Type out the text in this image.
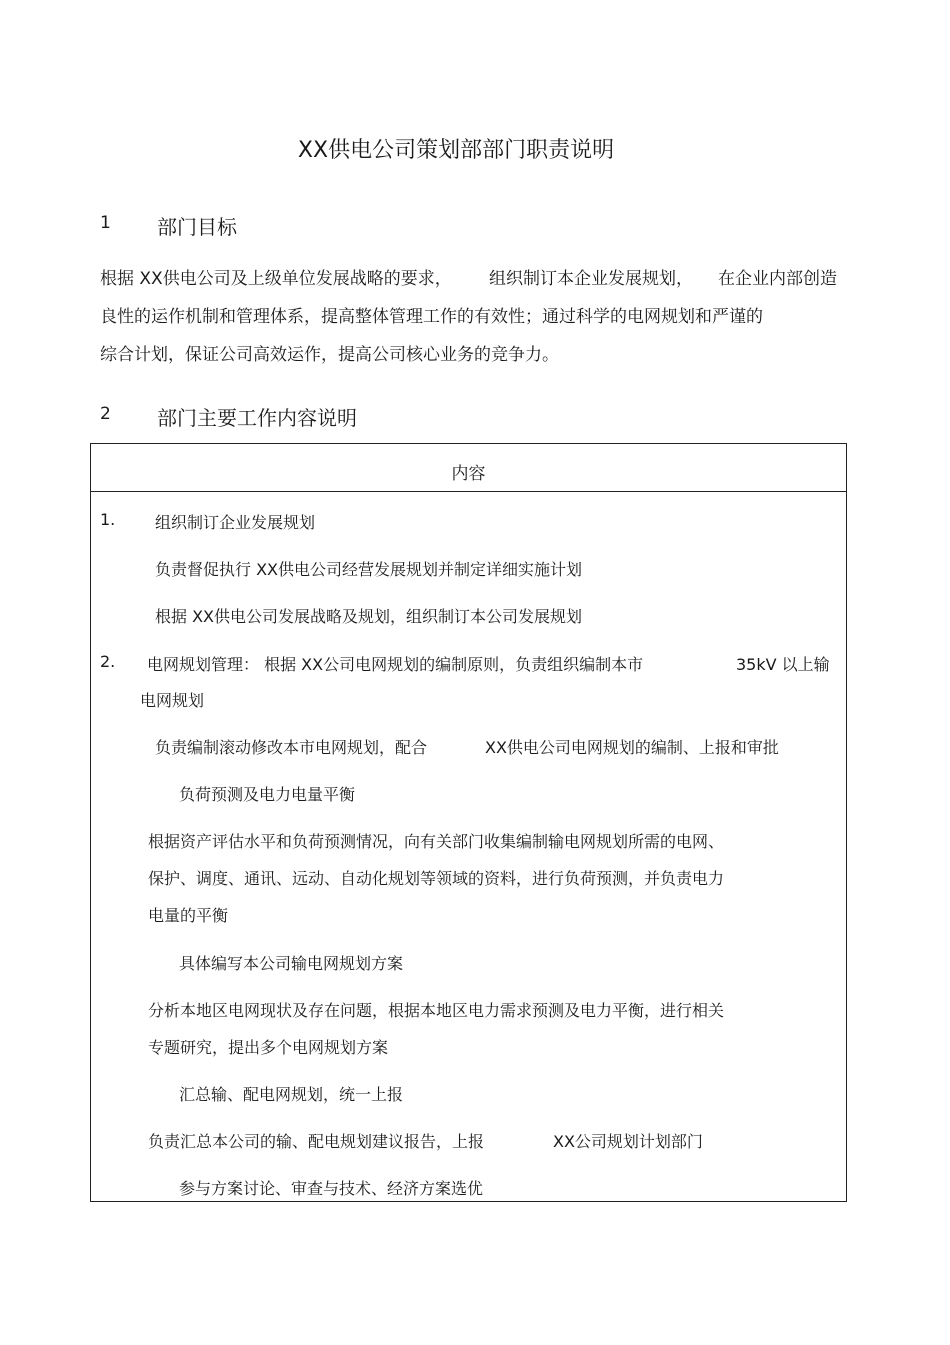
XX供电公司策划部部门职责说明
1 部门目标
根据 XX供电公司及上级单位发展战略的要求， 组织制订本企业发展规划， 在企业内部创造
良性的运作机制和管理体系，提高整体管理工作的有效性；通过科学的电网规划和严谨的
综合计划，保证公司高效运作，提高公司核心业务的竞争力。
2 部门主要工作内容说明
内容
1. 组织制订企业发展规划
负责督促执行 XX供电公司经营发展规划并制定详细实施计划
根据 XX供电公司发展战略及规划，组织制订本公司发展规划
2. 电网规划管理： 根据 XX公司电网规划的编制原则，负责组织编制本市	35kV 以上输
电网规划
负责编制滚动修改本市电网规划，配合	XX供电公司电网规划的编制、上报和审批
负荷预测及电力电量平衡
根据资产评估水平和负荷预测情况，向有关部门收集编制输电网规划所需的电网、
保护、调度、通讯、远动、自动化规划等领域的资料，进行负荷预测，并负责电力
电量的平衡
具体编写本公司输电网规划方案
分析本地区电网现状及存在问题，根据本地区电力需求预测及电力平衡，进行相关
专题研究，提出多个电网规划方案
汇总输、配电网规划，统一上报
负责汇总本公司的输、配电规划建议报告，上报	XX公司规划计划部门
参与方案讨论、审查与技术、经济方案选优
